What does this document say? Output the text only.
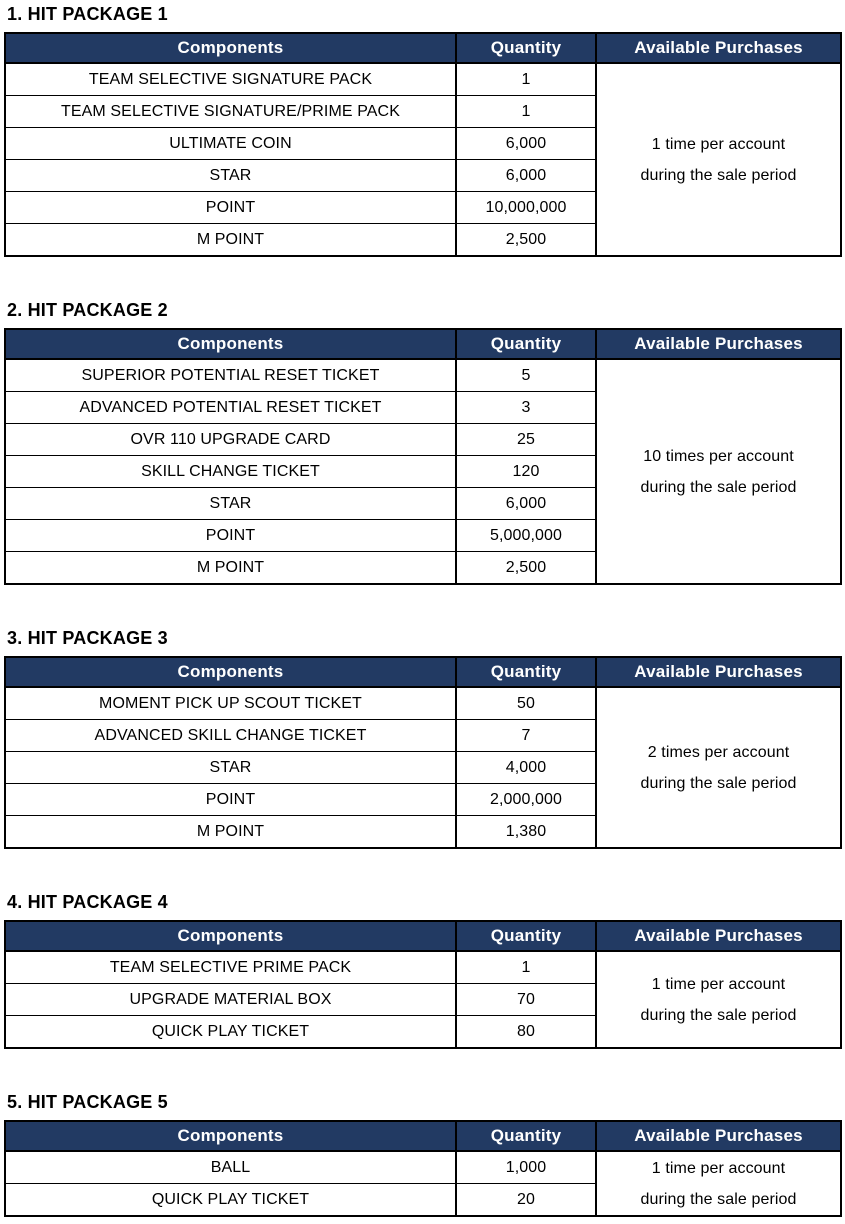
1. HIT PACKAGE 1
Components	Quantity	Available Purchases
TEAM SELECTIVE SIGNATURE PACK	1	1 time per account
during the sale period

TEAM SELECTIVE SIGNATURE/PRIME PACK	1	
ULTIMATE COIN	6,000	
STAR	6,000	
POINT	10,000,000	
M POINT	2,500	
2. HIT PACKAGE 2
Components	Quantity	Available Purchases
SUPERIOR POTENTIAL RESET TICKET	5	10 times per account
during the sale period

ADVANCED POTENTIAL RESET TICKET	3	
OVR 110 UPGRADE CARD	25	
SKILL CHANGE TICKET	120	
STAR	6,000	
POINT	5,000,000	
M POINT	2,500	
3. HIT PACKAGE 3
Components	Quantity	Available Purchases
MOMENT PICK UP SCOUT TICKET	50	2 times per account
during the sale period

ADVANCED SKILL CHANGE TICKET	7	
STAR	4,000	
POINT	2,000,000	
M POINT	1,380	
4. HIT PACKAGE 4
Components	Quantity	Available Purchases
TEAM SELECTIVE PRIME PACK	1	1 time per account
during the sale period

UPGRADE MATERIAL BOX	70	
QUICK PLAY TICKET	80	
5. HIT PACKAGE 5
Components	Quantity	Available Purchases
BALL	1,000	1 time per account
during the sale period

QUICK PLAY TICKET	20	
